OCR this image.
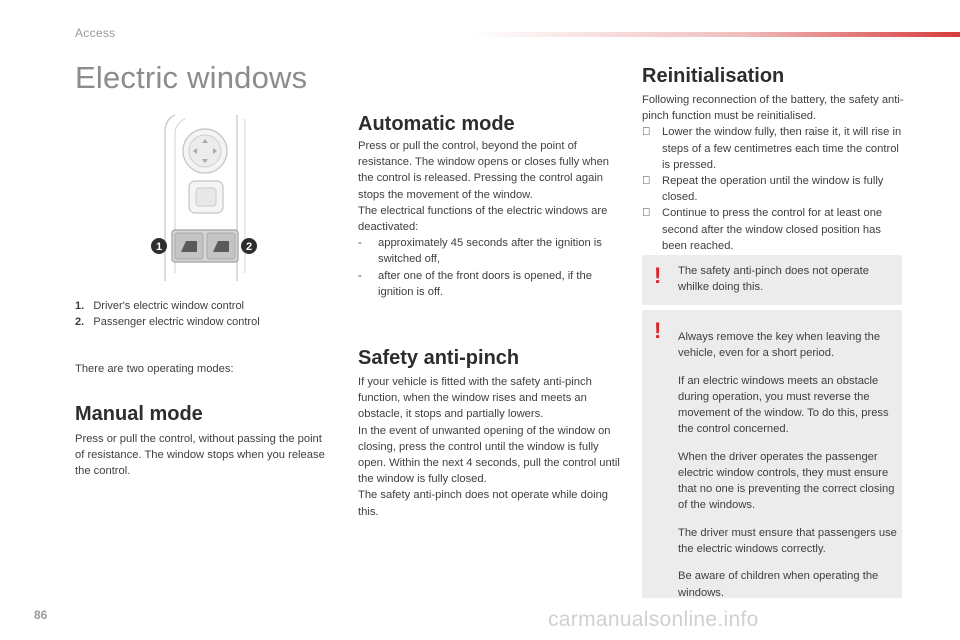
Access
Electric windows
1	2
1. Driver's electric window control
2. Passenger electric window control
There are two operating modes:
Manual mode
Press or pull the control, without passing the point of resistance. The window stops when you release the control.
Automatic mode

Press or pull the control, beyond the point of resistance. The window opens or closes fully when the control is released. Pressing the control again stops the movement of the window.

The electrical functions of the electric windows are deactivated:

- approximately 45 seconds after the ignition is switched off,
- after one of the front doors is opened, if the ignition is off.
Safety anti-pinch

If your vehicle is fitted with the safety anti-pinch function, when the window rises and meets an obstacle, it stops and partially lowers.

In the event of unwanted opening of the window on closing, press the control until the window is fully open. Within the next 4 seconds, pull the control until the window is fully closed.

The safety anti-pinch does not operate while doing this.

Reinitialisation

Following reconnection of the battery, the safety anti-pinch function must be reinitialised.

Lower the window fully, then raise it, it will rise in steps of a few centimetres each time the control is pressed.
Repeat the operation until the window is fully closed.
Continue to press the control for at least one second after the window closed position has been reached.
! The safety anti-pinch does not operate whilke doing this.
! Always remove the key when leaving the vehicle, even for a short period.

If an electric windows meets an obstacle during operation, you must reverse the movement of the window. To do this, press the control concerned.

When the driver operates the passenger electric window controls, they must ensure that no one is preventing the correct closing of the windows.

The driver must ensure that passengers use the electric windows correctly.

Be aware of children when operating the windows.

86	carmanualsonline.info
